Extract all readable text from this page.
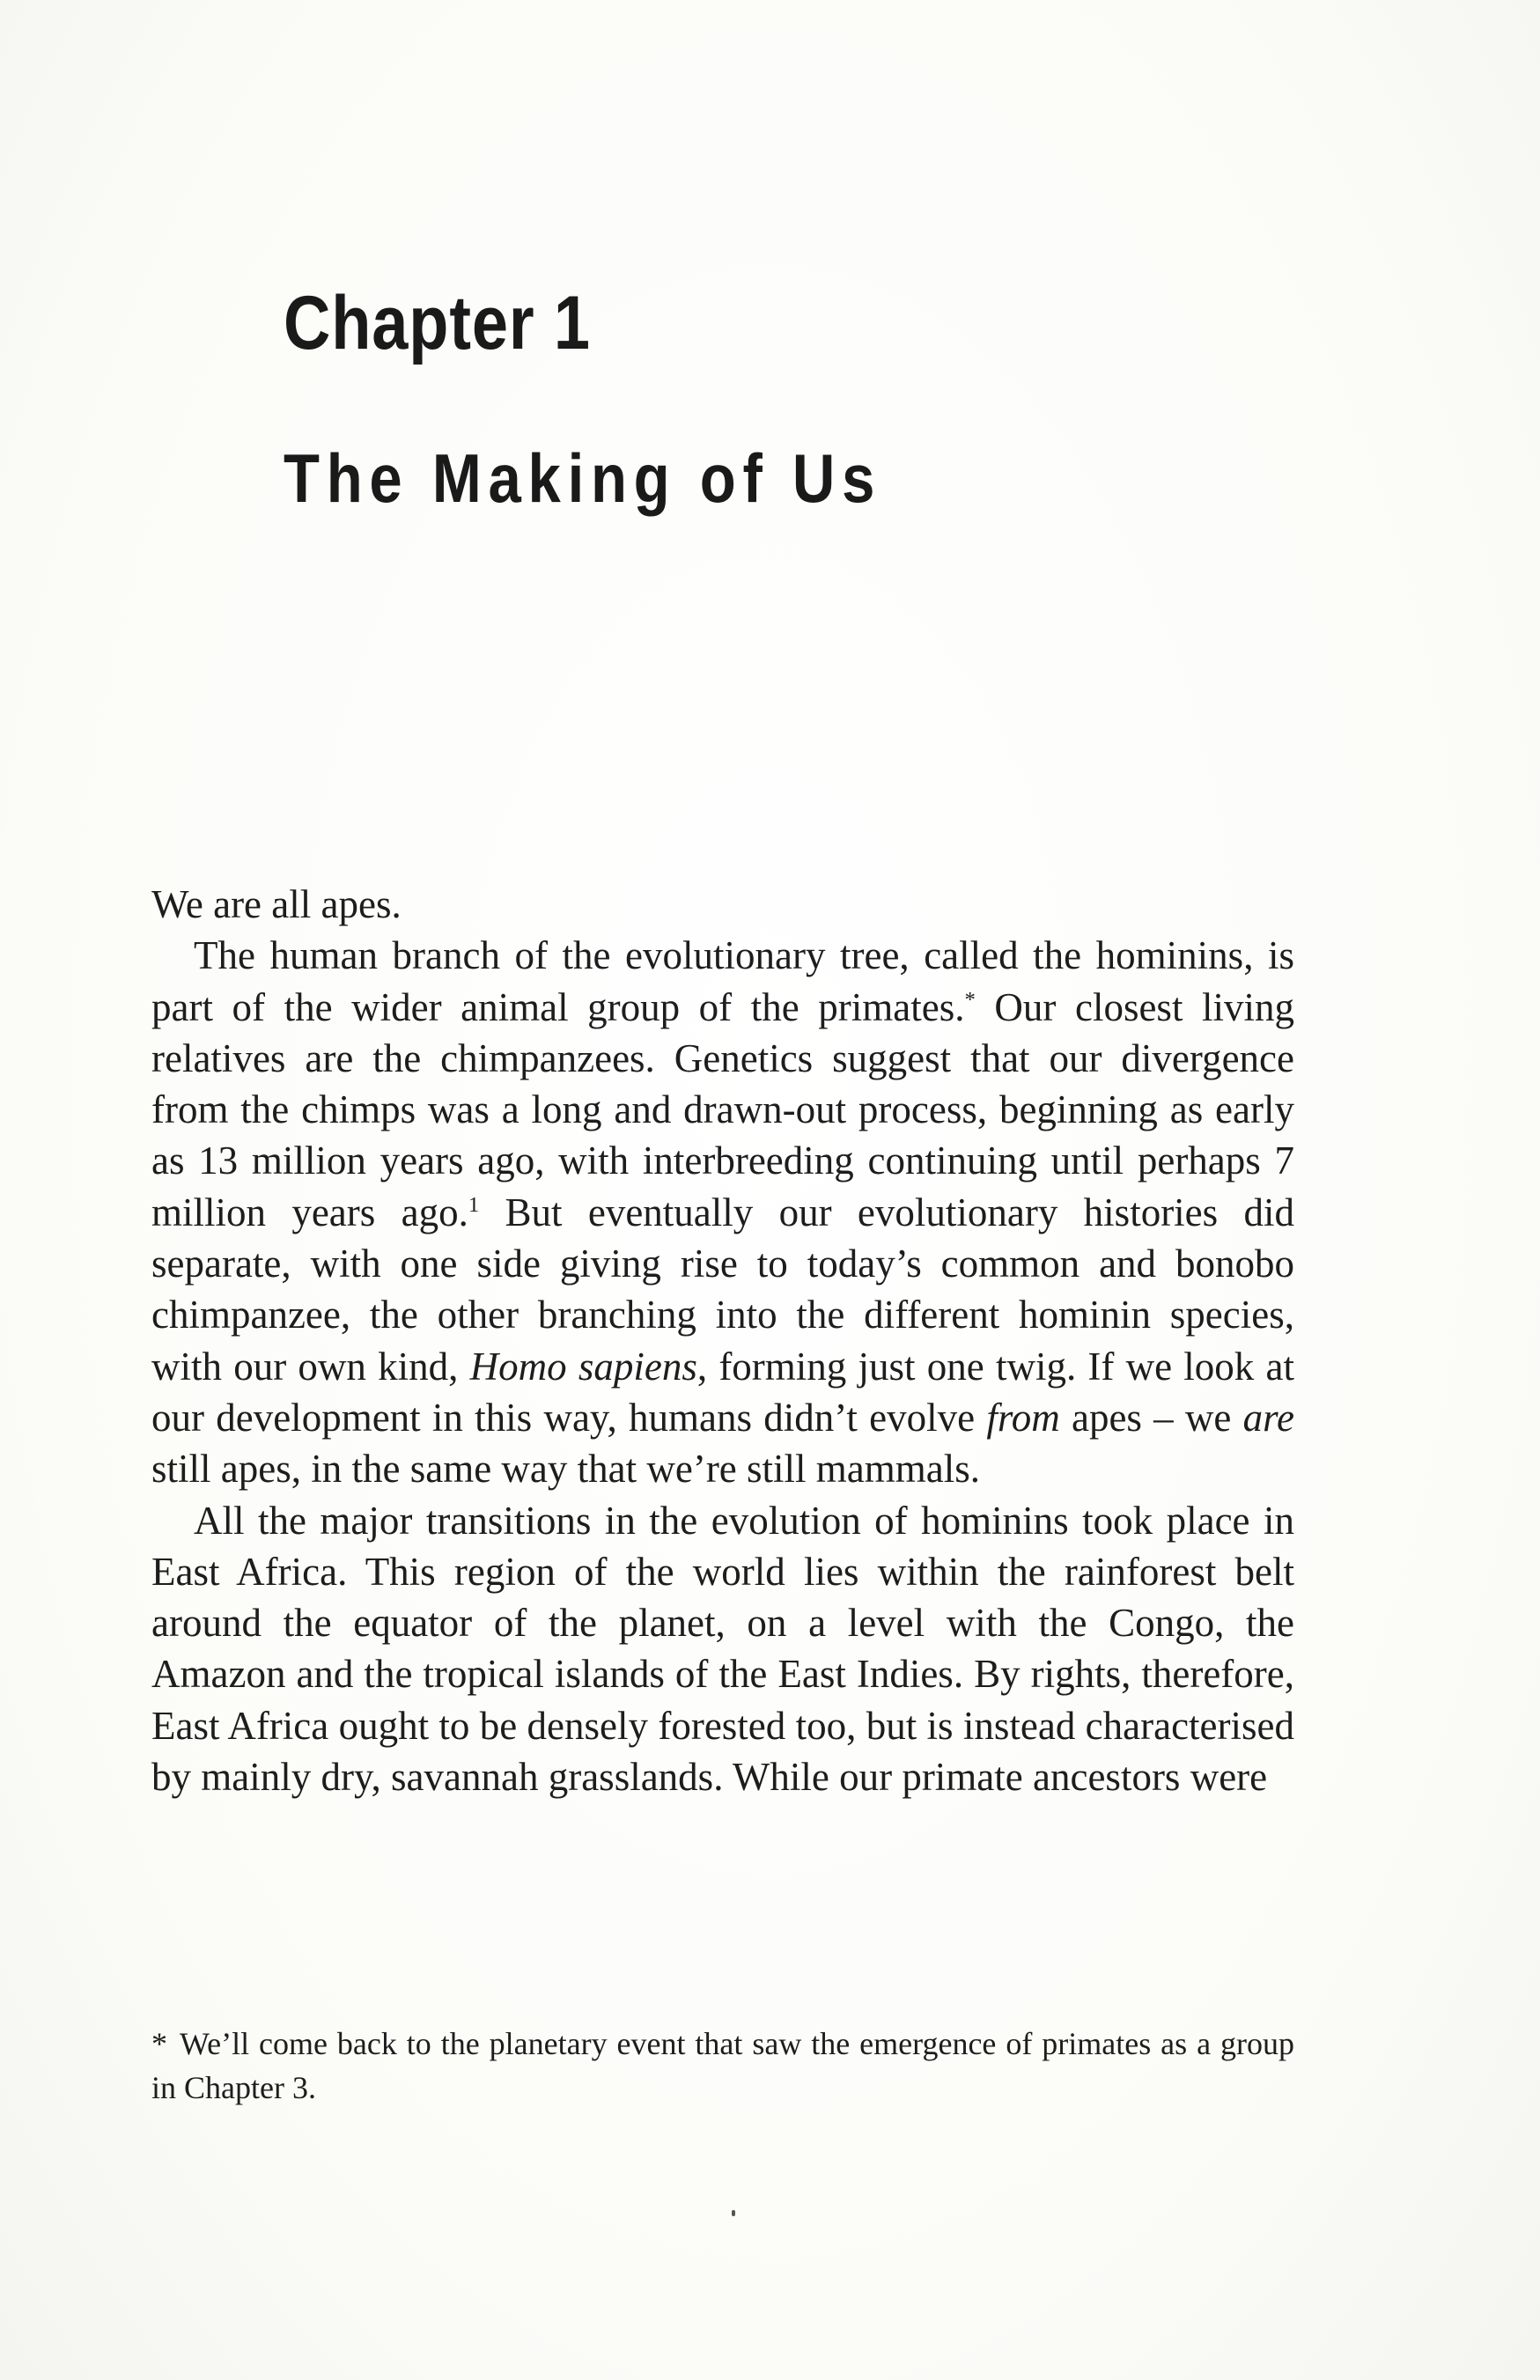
Chapter 1
The Making of Us

We are all apes.

The human branch of the evolutionary tree, called the hominins, is part of the wider animal group of the primates.* Our closest living relatives are the chimpanzees. Genetics suggest that our divergence from the chimps was a long and drawn-out process, beginning as early as 13 million years ago, with interbreeding continuing until perhaps 7 million years ago.$^1$ But eventually our evolutionary histories did separate, with one side giving rise to today’s common and bonobo chimpanzee, the other branching into the different hominin species, with our own kind, Homo sapiens, forming just one twig. If we look at our development in this way, humans didn’t evolve from apes – we are still apes, in the same way that we’re still mammals.

All the major transitions in the evolution of hominins took place in East Africa. This region of the world lies within the rainforest belt around the equator of the planet, on a level with the Congo, the Amazon and the tropical islands of the East Indies. By rights, therefore, East Africa ought to be densely forested too, but is instead characterised by mainly dry, savannah grasslands. While our primate ancestors were

* We’ll come back to the planetary event that saw the emergence of primates as a group in Chapter 3.
